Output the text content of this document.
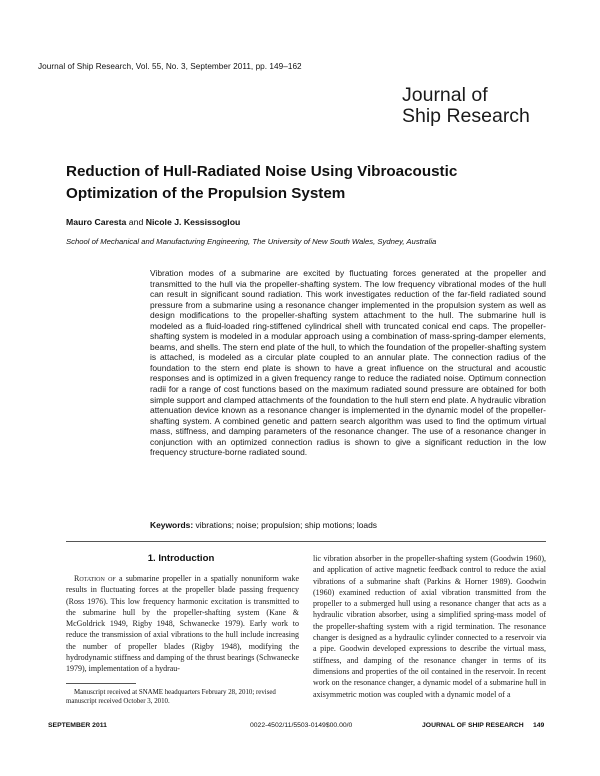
Journal of Ship Research, Vol. 55, No. 3, September 2011, pp. 149–162
Journal of
Ship Research
Reduction of Hull-Radiated Noise Using Vibroacoustic Optimization of the Propulsion System
Mauro Caresta and Nicole J. Kessissoglou
School of Mechanical and Manufacturing Engineering, The University of New South Wales, Sydney, Australia
Vibration modes of a submarine are excited by fluctuating forces generated at the propeller and transmitted to the hull via the propeller-shafting system. The low frequency vibrational modes of the hull can result in significant sound radiation. This work investigates reduction of the far-field radiated sound pressure from a submarine using a resonance changer implemented in the propulsion system as well as design modifications to the propeller-shafting system attachment to the hull. The submarine hull is modeled as a fluid-loaded ring-stiffened cylindrical shell with truncated conical end caps. The propeller-shafting system is modeled in a modular approach using a combination of mass-spring-damper elements, beams, and shells. The stern end plate of the hull, to which the foundation of the propeller-shafting system is attached, is modeled as a circular plate coupled to an annular plate. The connection radius of the foundation to the stern end plate is shown to have a great influence on the structural and acoustic responses and is optimized in a given frequency range to reduce the radiated noise. Optimum connection radii for a range of cost functions based on the maximum radiated sound pressure are obtained for both simple support and clamped attachments of the foundation to the hull stern end plate. A hydraulic vibration attenuation device known as a resonance changer is implemented in the dynamic model of the propeller-shafting system. A combined genetic and pattern search algorithm was used to find the optimum virtual mass, stiffness, and damping parameters of the resonance changer. The use of a resonance changer in conjunction with an optimized connection radius is shown to give a significant reduction in the low frequency structure-borne radiated sound.
Keywords: vibrations; noise; propulsion; ship motions; loads
1. Introduction
Rotation of a submarine propeller in a spatially nonuniform wake results in fluctuating forces at the propeller blade passing frequency (Ross 1976). This low frequency harmonic excitation is transmitted to the submarine hull by the propeller-shafting system (Kane & McGoldrick 1949, Rigby 1948, Schwanecke 1979). Early work to reduce the transmission of axial vibrations to the hull include increasing the number of propeller blades (Rigby 1948), modifying the hydrodynamic stiffness and damping of the thrust bearings (Schwanecke 1979), implementation of a hydrau-
lic vibration absorber in the propeller-shafting system (Goodwin 1960), and application of active magnetic feedback control to reduce the axial vibrations of a submarine shaft (Parkins & Horner 1989). Goodwin (1960) examined reduction of axial vibration transmitted from the propeller to a submerged hull using a resonance changer that acts as a hydraulic vibration absorber, using a simplified spring-mass model of the propeller-shafting system with a rigid termination. The resonance changer is designed as a hydraulic cylinder connected to a reservoir via a pipe. Goodwin developed expressions to describe the virtual mass, stiffness, and damping of the resonance changer in terms of its dimensions and properties of the oil contained in the reservoir. In recent work on the resonance changer, a dynamic model of a submarine hull in axisymmetric motion was coupled with a dynamic model of a
Manuscript received at SNAME headquarters February 28, 2010; revised manuscript received October 3, 2010.
SEPTEMBER 2011	0022-4502/11/5503-0149$00.00/0	JOURNAL OF SHIP RESEARCH 149
